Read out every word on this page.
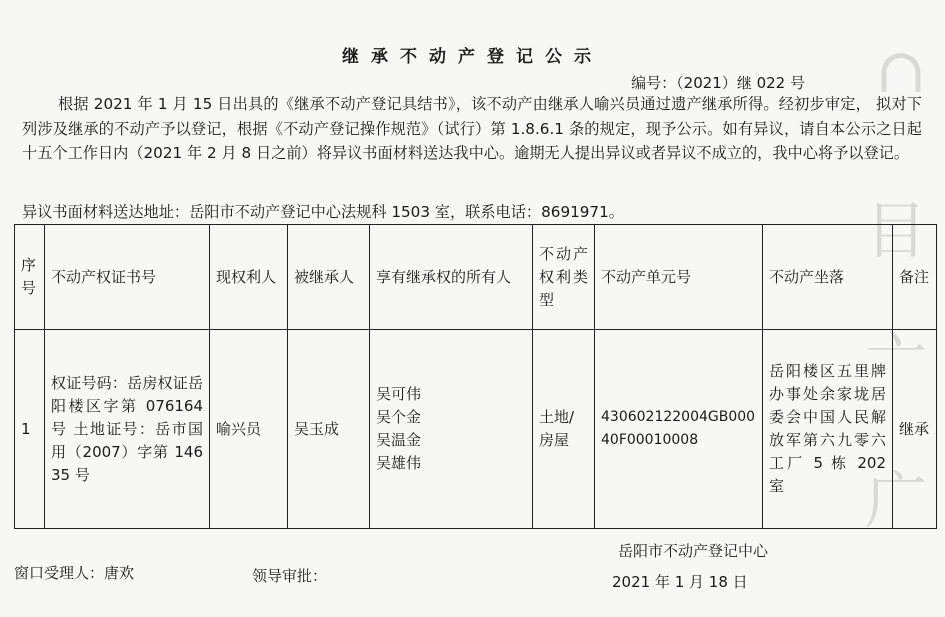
∩
目
亠
广
继承不动产登记公示
编号：（2021）继 022 号
根据 2021 年 1 月 15 日出具的《继承不动产登记具结书》，该不动产由继承人喻兴员通过遗产继承所得。经初步审定， 拟对下列涉及继承的不动产予以登记，根据《不动产登记操作规范》（试行）第 1.8.6.1 条的规定，现予公示。如有异议，请自本公示之日起十五个工作日内（2021 年 2 月 8 日之前）将异议书面材料送达我中心。逾期无人提出异议或者异议不成立的，我中心将予以登记。
异议书面材料送达地址：岳阳市不动产登记中心法规科 1503 室，联系电话：8691971。
序号	不动产权证书号	现权利人	被继承人	享有继承权的所有人	不动产权利类型	不动产单元号	不动产坐落	备注
1	权证号码：岳房权证岳阳楼区字第 076164 号 土地证号：岳市国用（2007）字第 14635 号	喻兴员	吴玉成	吴可伟
吴个金
吴温金
吴雄伟	土地/房屋	430602122004GB00040F00010008	岳阳楼区五里牌办事处余家垅居委会中国人民解放军第六九零六工厂 5 栋 202 室	继承
窗口受理人：唐欢	领导审批：
岳阳市不动产登记中心
2021 年 1 月 18 日
